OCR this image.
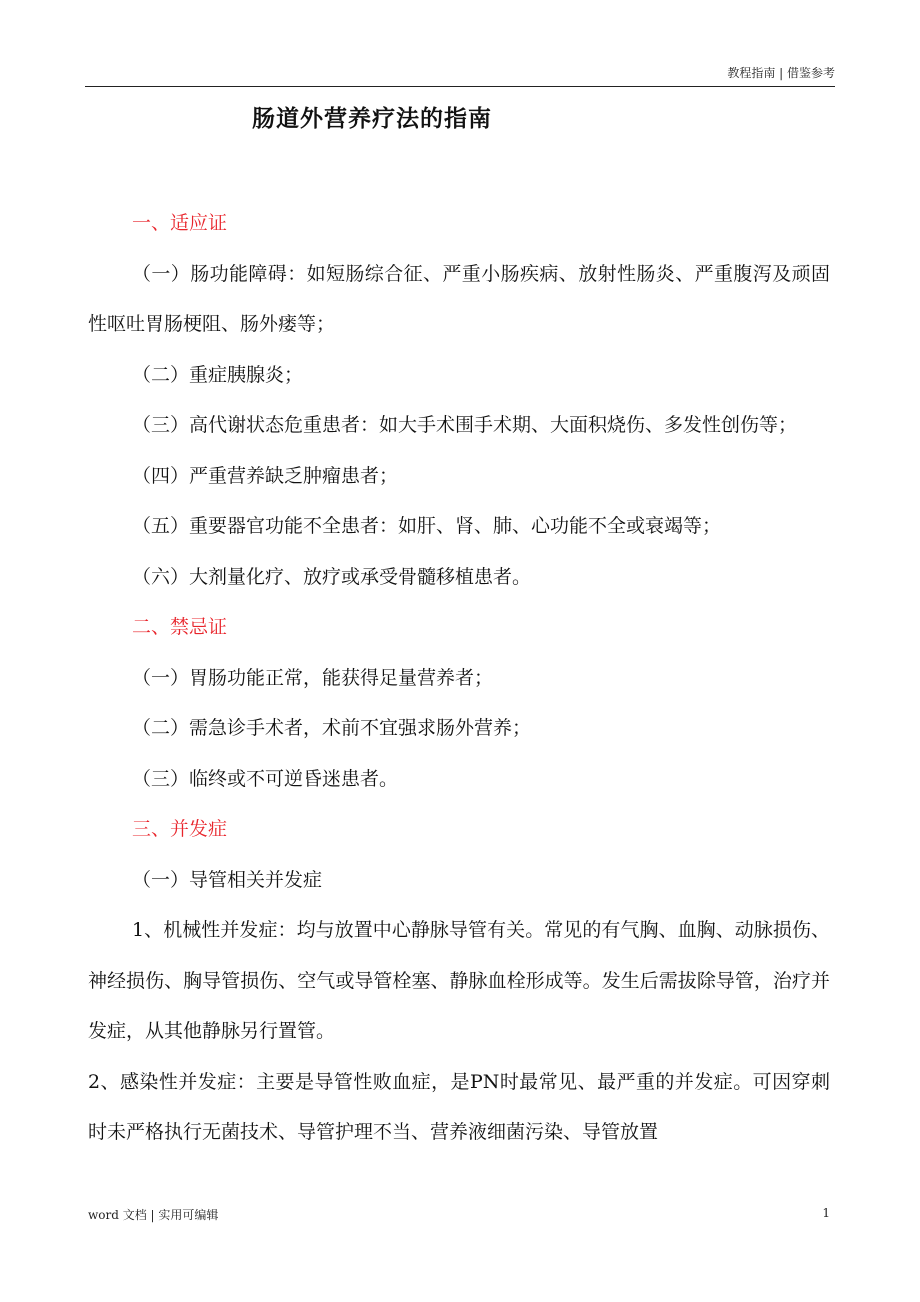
教程指南 | 借鉴参考
肠道外营养疗法的指南

一、适应证

（一）肠功能障碍：如短肠综合征、严重小肠疾病、放射性肠炎、严重腹泻及顽固性呕吐胃肠梗阻、肠外瘘等；

（二）重症胰腺炎；

（三）高代谢状态危重患者：如大手术围手术期、大面积烧伤、多发性创伤等；

（四）严重营养缺乏肿瘤患者；

（五）重要器官功能不全患者：如肝、肾、肺、心功能不全或衰竭等；

（六）大剂量化疗、放疗或承受骨髓移植患者。

二、禁忌证

（一）胃肠功能正常，能获得足量营养者；

（二）需急诊手术者，术前不宜强求肠外营养；

（三）临终或不可逆昏迷患者。

三、并发症

（一）导管相关并发症

1、机械性并发症：均与放置中心静脉导管有关。常见的有气胸、血胸、动脉损伤、神经损伤、胸导管损伤、空气或导管栓塞、静脉血栓形成等。发生后需拔除导管，治疗并发症，从其他静脉另行置管。

2、感染性并发症：主要是导管性败血症，是PN时最常见、最严重的并发症。可因穿刺时未严格执行无菌技术、导管护理不当、营养液细菌污染、导管放置

word 文档 | 实用可编辑	1
